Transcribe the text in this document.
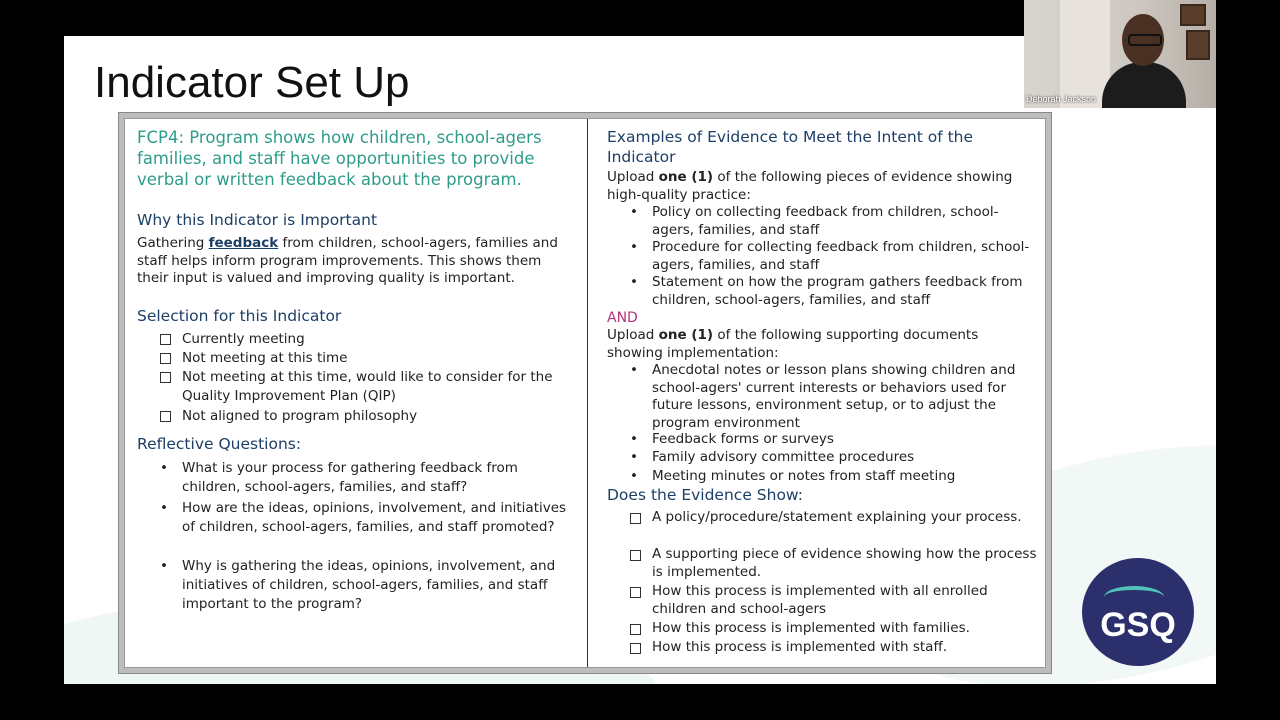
Indicator Set Up
FCP4: Program shows how children, school-agers families, and staff have opportunities to provide verbal or written feedback about the program.
Why this Indicator is Important
Gathering feedback from children, school-agers, families and staff helps inform program improvements. This shows them their input is valued and improving quality is important.
Selection for this Indicator
Currently meeting
Not meeting at this time
Not meeting at this time, would like to consider for the Quality Improvement Plan (QIP)
Not aligned to program philosophy
Reflective Questions:
• What is your process for gathering feedback from children, school-agers, families, and staff?
• How are the ideas, opinions, involvement, and initiatives of children, school-agers, families, and staff promoted?
• Why is gathering the ideas, opinions, involvement, and initiatives of children, school-agers, families, and staff important to the program?
Examples of Evidence to Meet the Intent of the Indicator
Upload one (1) of the following pieces of evidence showing high-quality practice:
• Policy on collecting feedback from children, school-agers, families, and staff
• Procedure for collecting feedback from children, school-agers, families, and staff
• Statement on how the program gathers feedback from children, school-agers, families, and staff
AND
Upload one (1) of the following supporting documents showing implementation:
• Anecdotal notes or lesson plans showing children and school-agers' current interests or behaviors used for future lessons, environment setup, or to adjust the program environment
• Feedback forms or surveys
• Family advisory committee procedures
• Meeting minutes or notes from staff meeting
Does the Evidence Show:
A policy/procedure/statement explaining your process.
A supporting piece of evidence showing how the process is implemented.
How this process is implemented with all enrolled children and school-agers
How this process is implemented with families.
How this process is implemented with staff.
GSQ
Deborah Jackson
